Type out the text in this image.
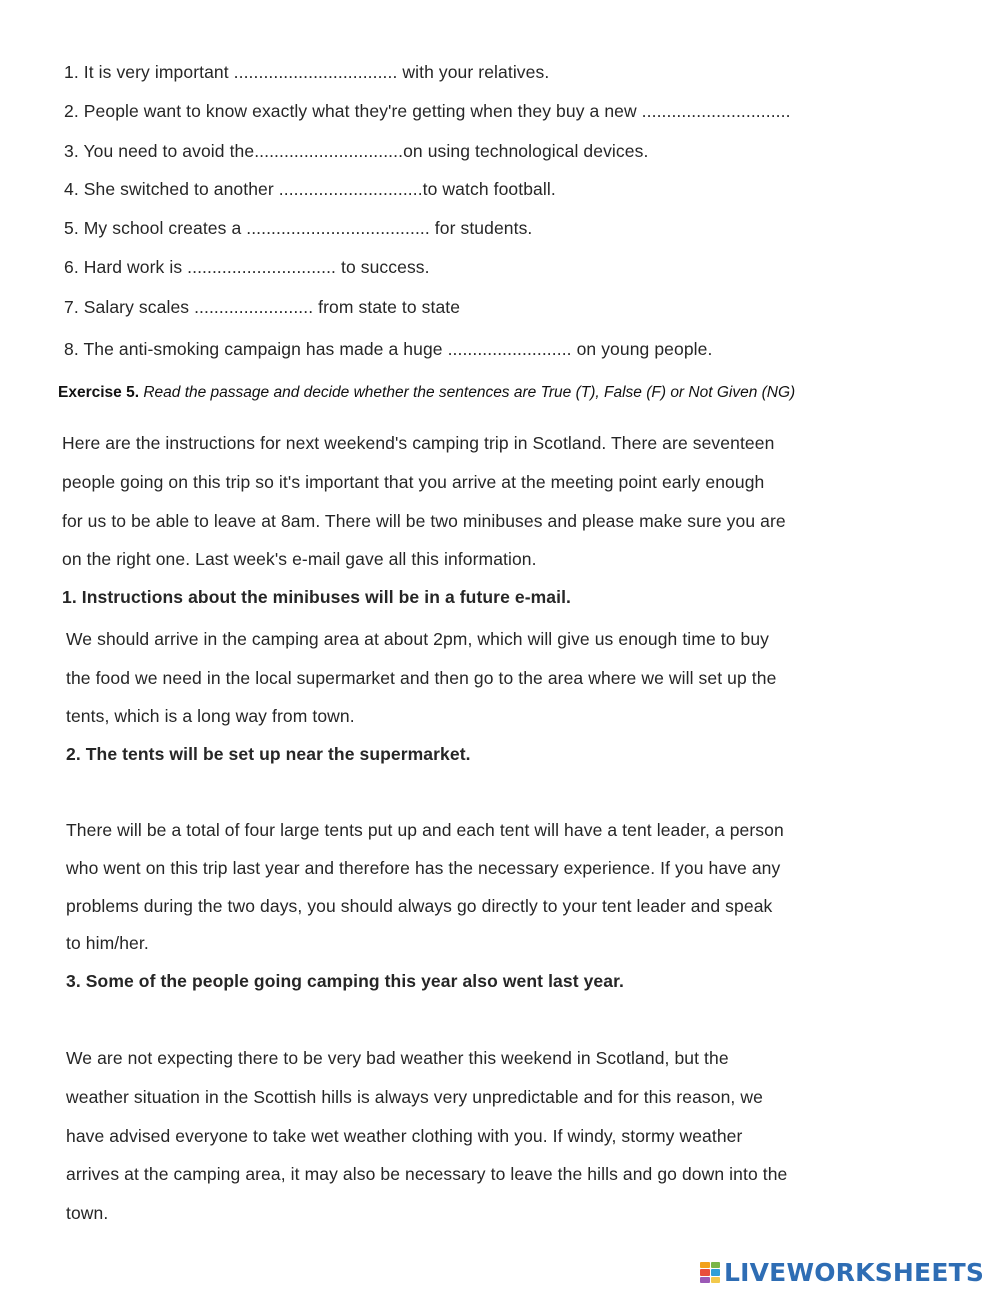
1. It is very important ................................. with your relatives.
2. People want to know exactly what they're getting when they buy a new ..............................
3. You need to avoid the..............................on using technological devices.
4. She switched to another .............................to watch football.
5. My school creates a ..................................... for students.
6. Hard work is .............................. to success.
7. Salary scales ........................ from state to state
8. The anti-smoking campaign has made a huge ......................... on young people.
Exercise 5. Read the passage and decide whether the sentences are True (T), False (F) or Not Given (NG)
Here are the instructions for next weekend's camping trip in Scotland. There are seventeen
people going on this trip so it's important that you arrive at the meeting point early enough
for us to be able to leave at 8am. There will be two minibuses and please make sure you are
on the right one. Last week's e-mail gave all this information.
1. Instructions about the minibuses will be in a future e-mail.
We should arrive in the camping area at about 2pm, which will give us enough time to buy
the food we need in the local supermarket and then go to the area where we will set up the
tents, which is a long way from town.
2. The tents will be set up near the supermarket.
There will be a total of four large tents put up and each tent will have a tent leader, a person
who went on this trip last year and therefore has the necessary experience. If you have any
problems during the two days, you should always go directly to your tent leader and speak
to him/her.
3. Some of the people going camping this year also went last year.
We are not expecting there to be very bad weather this weekend in Scotland, but the
weather situation in the Scottish hills is always very unpredictable and for this reason, we
have advised everyone to take wet weather clothing with you. If windy, stormy weather
arrives at the camping area, it may also be necessary to leave the hills and go down into the
town.
LIVEWORKSHEETS
